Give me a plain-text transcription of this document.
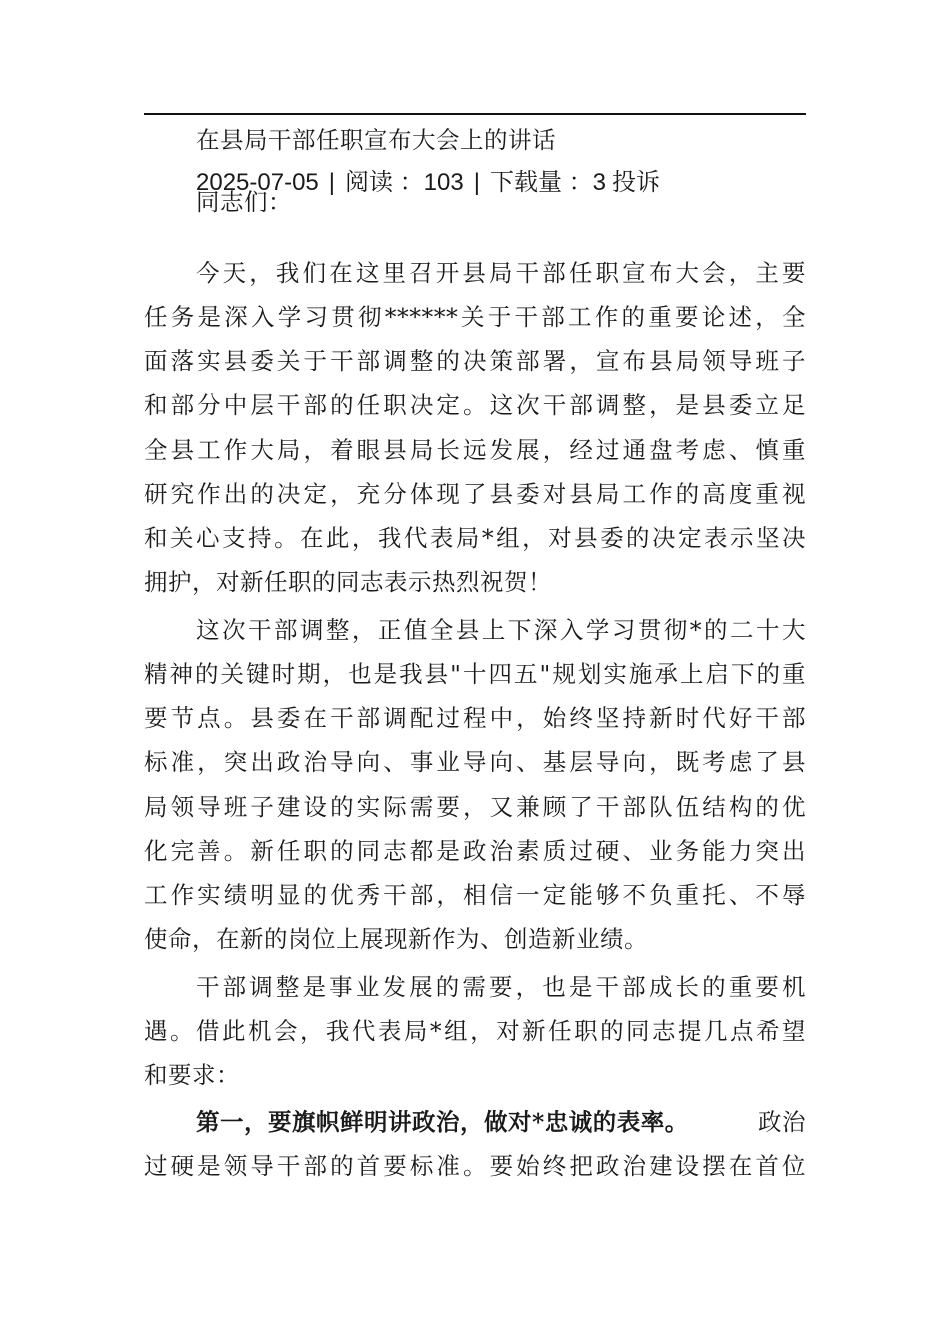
在县局干部任职宣布大会上的讲话
2025-07-05 | 阅读 ：103 | 下载量 ：3 投诉
同志们：
今天，我们在这里召开县局干部任职宣布大会，主要
任务是深入学习贯彻******关于干部工作的重要论述，全
面落实县委关于干部调整的决策部署，宣布县局领导班子
和部分中层干部的任职决定。这次干部调整，是县委立足
全县工作大局，着眼县局长远发展，经过通盘考虑、慎重
研究作出的决定，充分体现了县委对县局工作的高度重视
和关心支持。在此，我代表局*组，对县委的决定表示坚决
拥护，对新任职的同志表示热烈祝贺！
这次干部调整，正值全县上下深入学习贯彻*的二十大
精神的关键时期，也是我县"十四五"规划实施承上启下的重
要节点。县委在干部调配过程中，始终坚持新时代好干部
标准，突出政治导向、事业导向、基层导向，既考虑了县
局领导班子建设的实际需要，又兼顾了干部队伍结构的优
化完善。新任职的同志都是政治素质过硬、业务能力突出
工作实绩明显的优秀干部，相信一定能够不负重托、不辱
使命，在新的岗位上展现新作为、创造新业绩。
干部调整是事业发展的需要，也是干部成长的重要机
遇。借此机会，我代表局*组，对新任职的同志提几点希望
和要求：
第一，要旗帜鲜明讲政治，做对*忠诚的表率。	政治
过硬是领导干部的首要标准。要始终把政治建设摆在首位
